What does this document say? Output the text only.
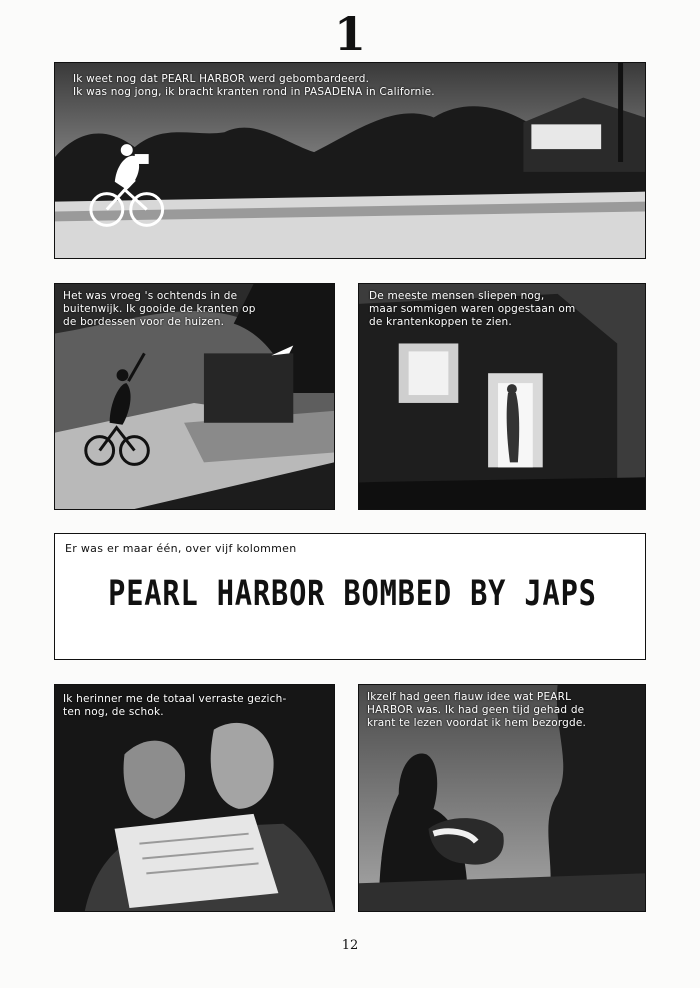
1
Ik weet nog dat PEARL HARBOR werd gebombardeerd.
Ik was nog jong, ik bracht kranten rond in PASADENA in Californie.
Het was vroeg 's ochtends in de
buitenwijk. Ik gooide de kranten op
de bordessen voor de huizen.
De meeste mensen sliepen nog,
maar sommigen waren opgestaan om
de krantenkoppen te zien.
Er was er maar één, over vijf kolommen
PEARL HARBOR BOMBED BY JAPS
Ik herinner me de totaal verraste gezich-
ten nog, de schok.
Ikzelf had geen flauw idee wat PEARL
HARBOR was. Ik had geen tijd gehad de
krant te lezen voordat ik hem bezorgde.
12
